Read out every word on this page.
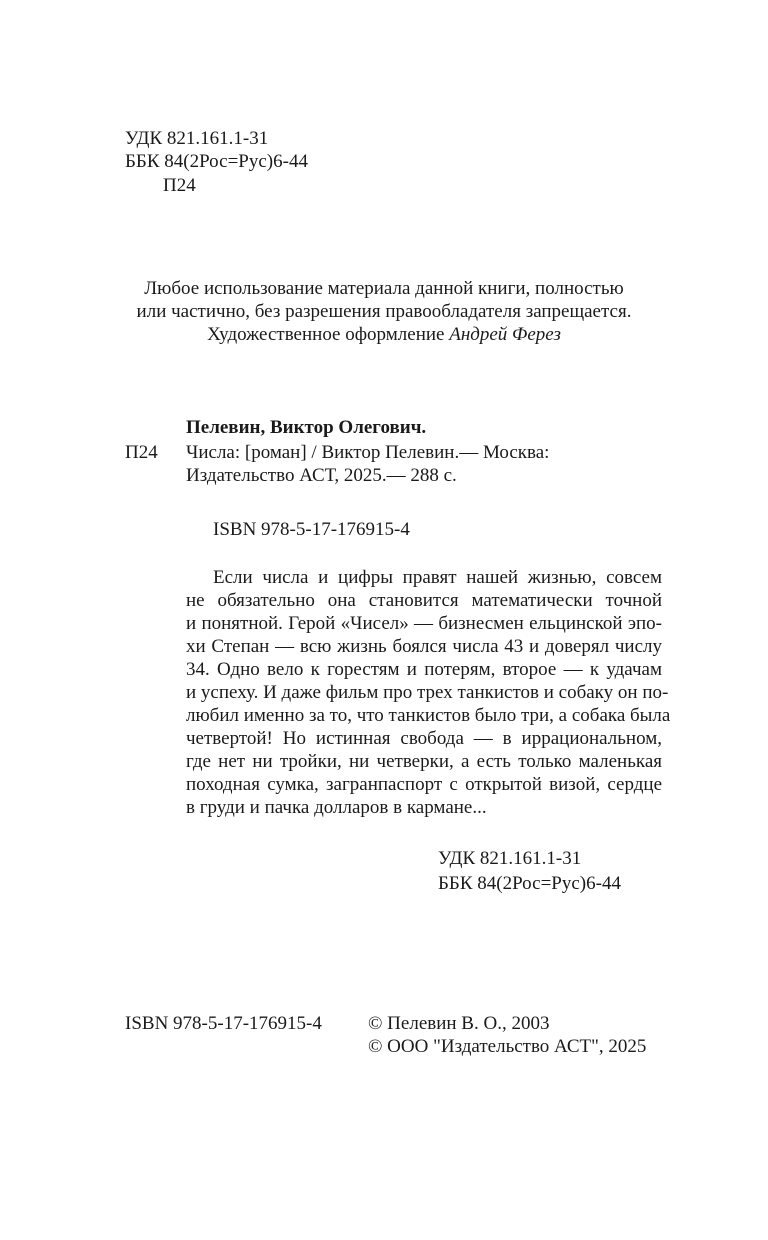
УДК 821.161.1-31
ББК 84(2Рос=Рус)6-44
П24
Любое использование материала данной книги, полностью
или частично, без разрешения правообладателя запрещается.
Художественное оформление Андрей Ферез
Пелевин, Виктор Олегович.
П24 Числа: [роман] / Виктор Пелевин.— Москва:
Издательство АСТ, 2025.— 288 с.
ISBN 978-5-17-176915-4
Если числа и цифры правят нашей жизнью, совсем
не обязательно она становится математически точной
и понятной. Герой «Чисел» — бизнесмен ельцинской эпо-
хи Степан — всю жизнь боялся числа 43 и доверял числу
34. Одно вело к горестям и потерям, второе — к удачам
и успеху. И даже фильм про трех танкистов и собаку он по-
любил именно за то, что танкистов было три, а собака была
четвертой! Но истинная свобода — в иррациональном,
где нет ни тройки, ни четверки, а есть только маленькая
походная сумка, загранпаспорт с открытой визой, сердце
в груди и пачка долларов в кармане...
УДК 821.161.1-31
ББК 84(2Рос=Рус)6-44
ISBN 978-5-17-176915-4 © Пелевин В. О., 2003
© ООО "Издательство АСТ", 2025
